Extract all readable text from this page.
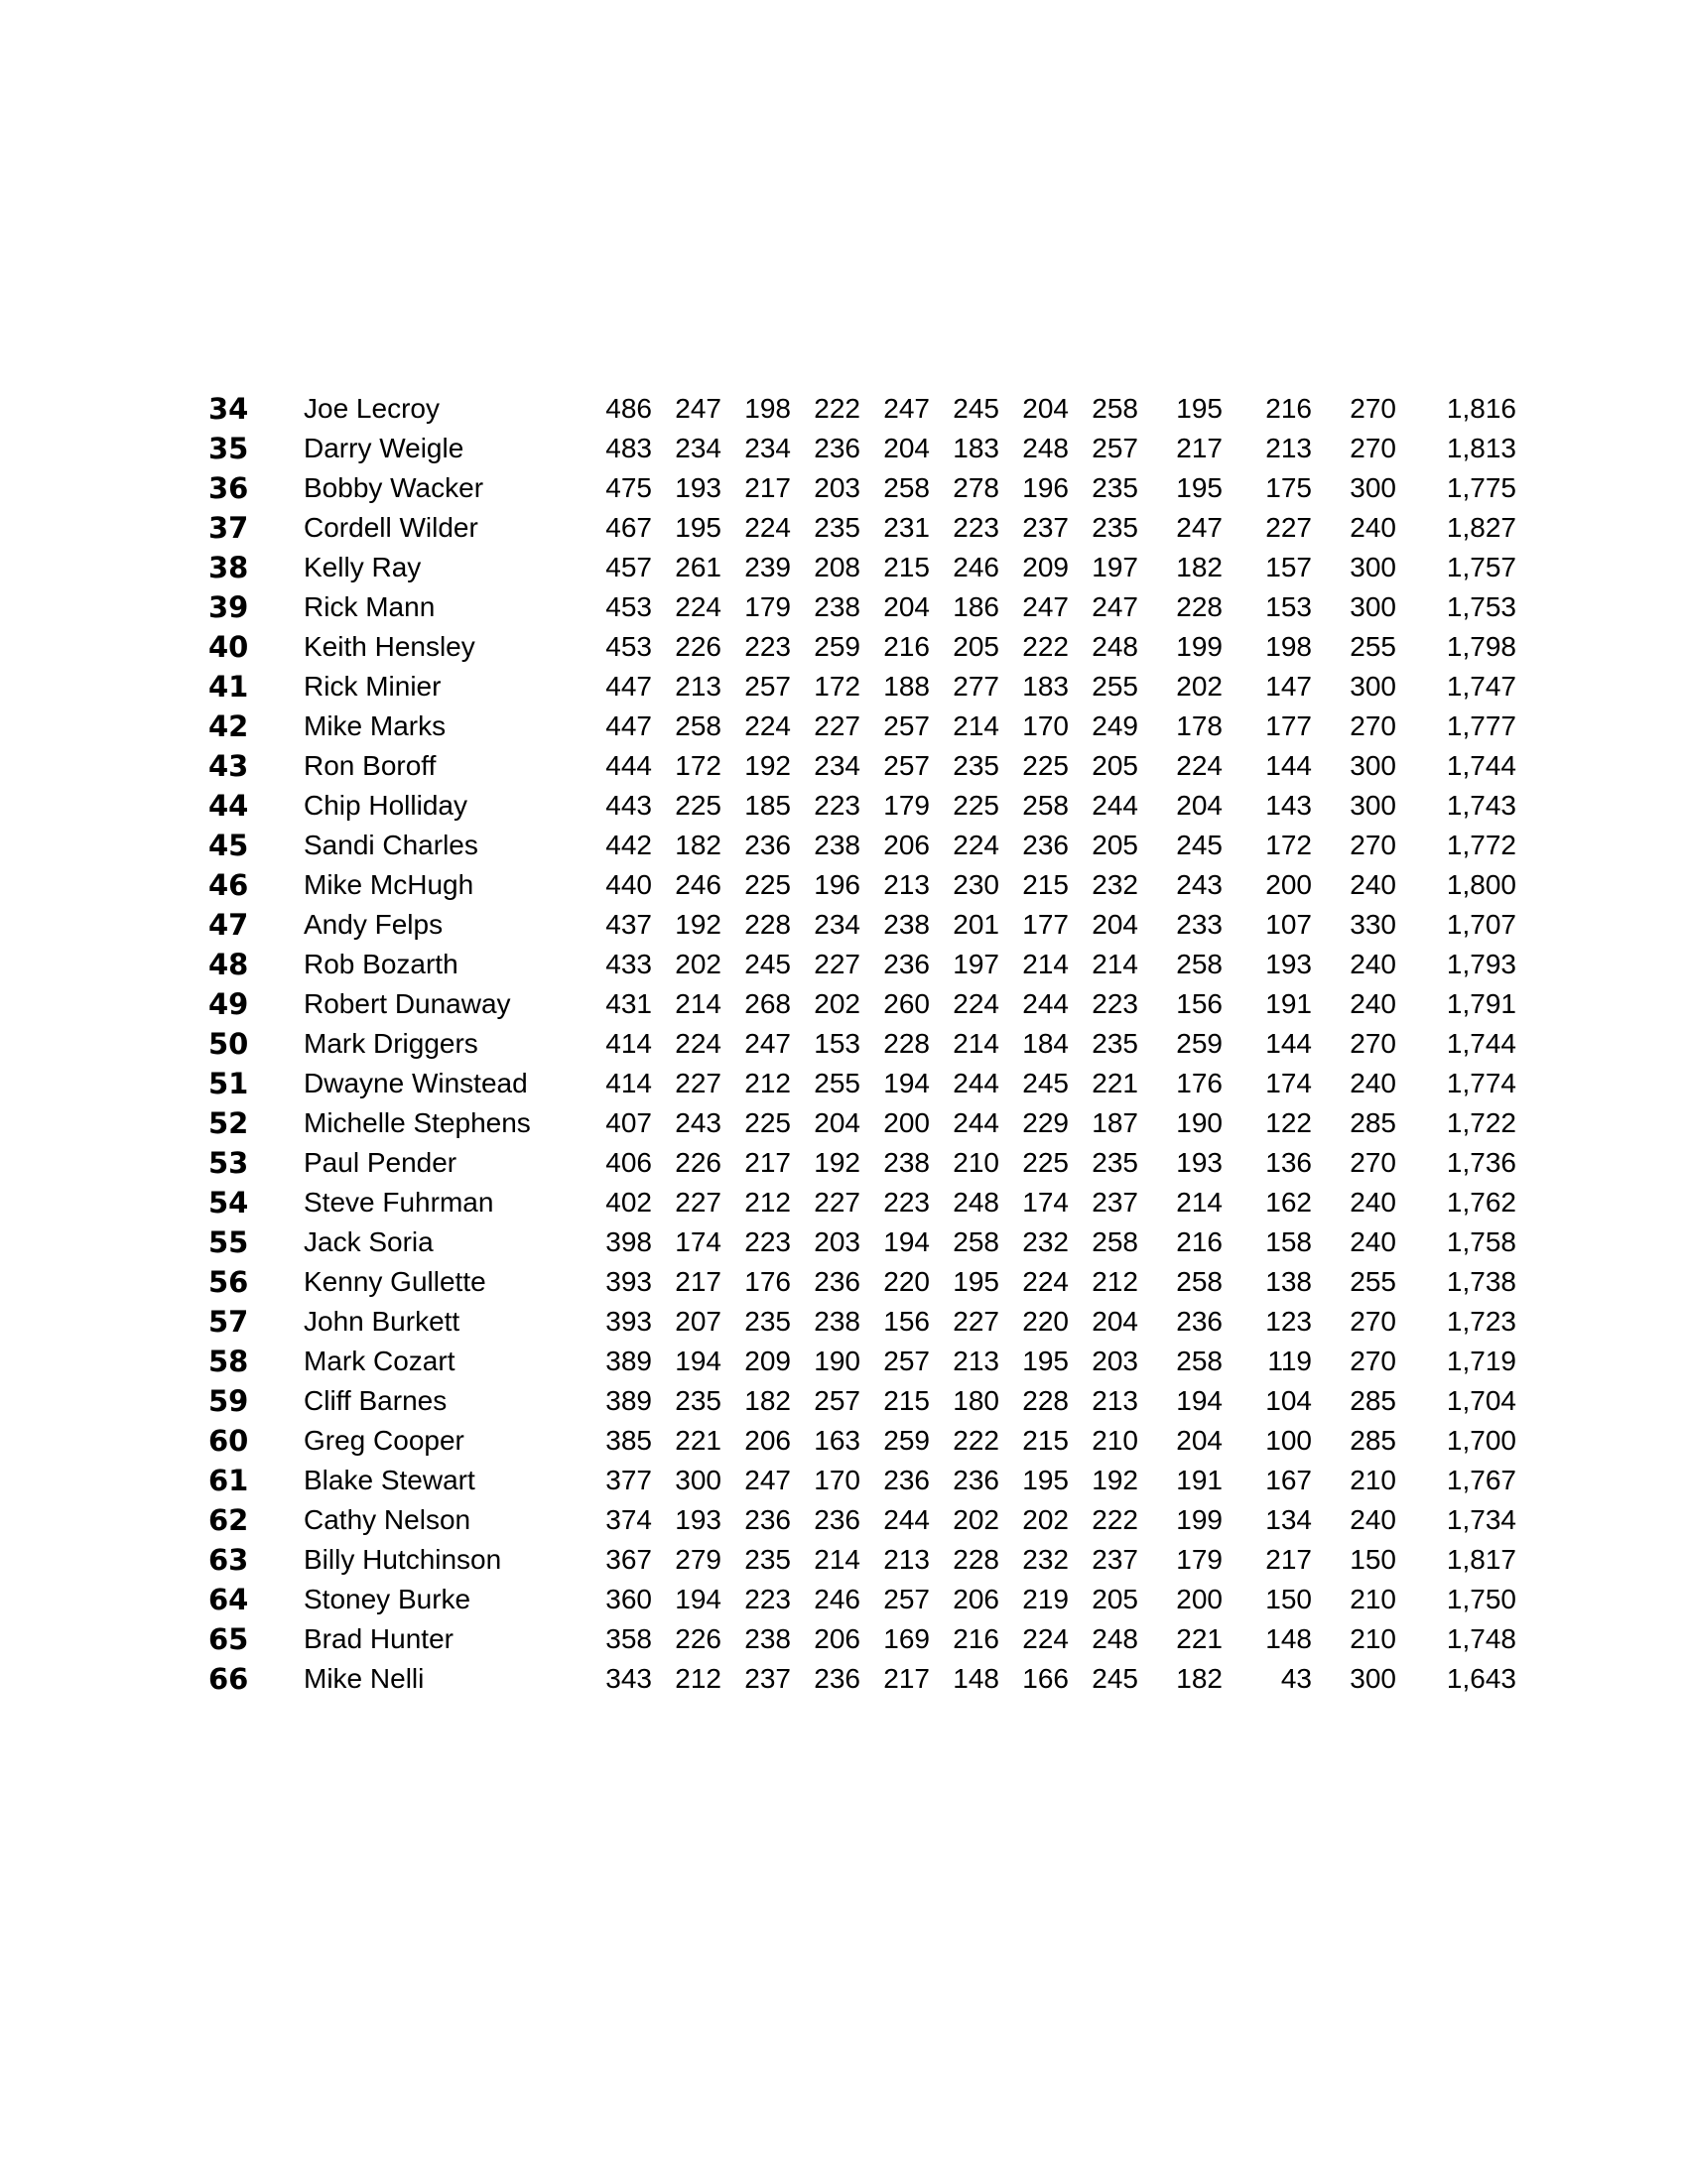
34	Joe Lecroy	486 247 198 222 247 245 204 258	195	216	270	1,816
35	Darry Weigle	483 234 234 236 204 183 248 257	217	213	270	1,813
36	Bobby Wacker	475 193 217 203 258 278 196 235	195	175	300	1,775
37	Cordell Wilder	467 195 224 235 231 223 237 235	247	227	240	1,827
38	Kelly Ray	457 261 239 208 215 246 209 197	182	157	300	1,757
39	Rick Mann	453 224 179 238 204 186 247 247	228	153	300	1,753
40	Keith Hensley	453 226 223 259 216 205 222 248	199	198	255	1,798
41	Rick Minier	447 213 257 172 188 277 183 255	202	147	300	1,747
42	Mike Marks	447 258 224 227 257 214 170 249	178	177	270	1,777
43	Ron Boroff	444 172 192 234 257 235 225 205	224	144	300	1,744
44	Chip Holliday	443 225 185 223 179 225 258 244	204	143	300	1,743
45	Sandi Charles	442 182 236 238 206 224 236 205	245	172	270	1,772
46	Mike McHugh	440 246 225 196 213 230 215 232	243	200	240	1,800
47	Andy Felps	437 192 228 234 238 201 177 204	233	107	330	1,707
48	Rob Bozarth	433 202 245 227 236 197 214 214	258	193	240	1,793
49	Robert Dunaway	431 214 268 202 260 224 244 223	156	191	240	1,791
50	Mark Driggers	414 224 247 153 228 214 184 235	259	144	270	1,744
51	Dwayne Winstead	414 227 212 255 194 244 245 221	176	174	240	1,774
52	Michelle Stephens	407 243 225 204 200 244 229 187	190	122	285	1,722
53	Paul Pender	406 226 217 192 238 210 225 235	193	136	270	1,736
54	Steve Fuhrman	402 227 212 227 223 248 174 237	214	162	240	1,762
55	Jack Soria	398 174 223 203 194 258 232 258	216	158	240	1,758
56	Kenny Gullette	393 217 176 236 220 195 224 212	258	138	255	1,738
57	John Burkett	393 207 235 238 156 227 220 204	236	123	270	1,723
58	Mark Cozart	389 194 209 190 257 213 195 203	258	119	270	1,719
59	Cliff Barnes	389 235 182 257 215 180 228 213	194	104	285	1,704
60	Greg Cooper	385 221 206 163 259 222 215 210	204	100	285	1,700
61	Blake Stewart	377 300 247 170 236 236 195 192	191	167	210	1,767
62	Cathy Nelson	374 193 236 236 244 202 202 222	199	134	240	1,734
63	Billy Hutchinson	367 279 235 214 213 228 232 237	179	217	150	1,817
64	Stoney Burke	360 194 223 246 257 206 219 205	200	150	210	1,750
65	Brad Hunter	358 226 238 206 169 216 224 248	221	148	210	1,748
66	Mike Nelli	343 212 237 236 217 148 166 245	182	43	300	1,643
